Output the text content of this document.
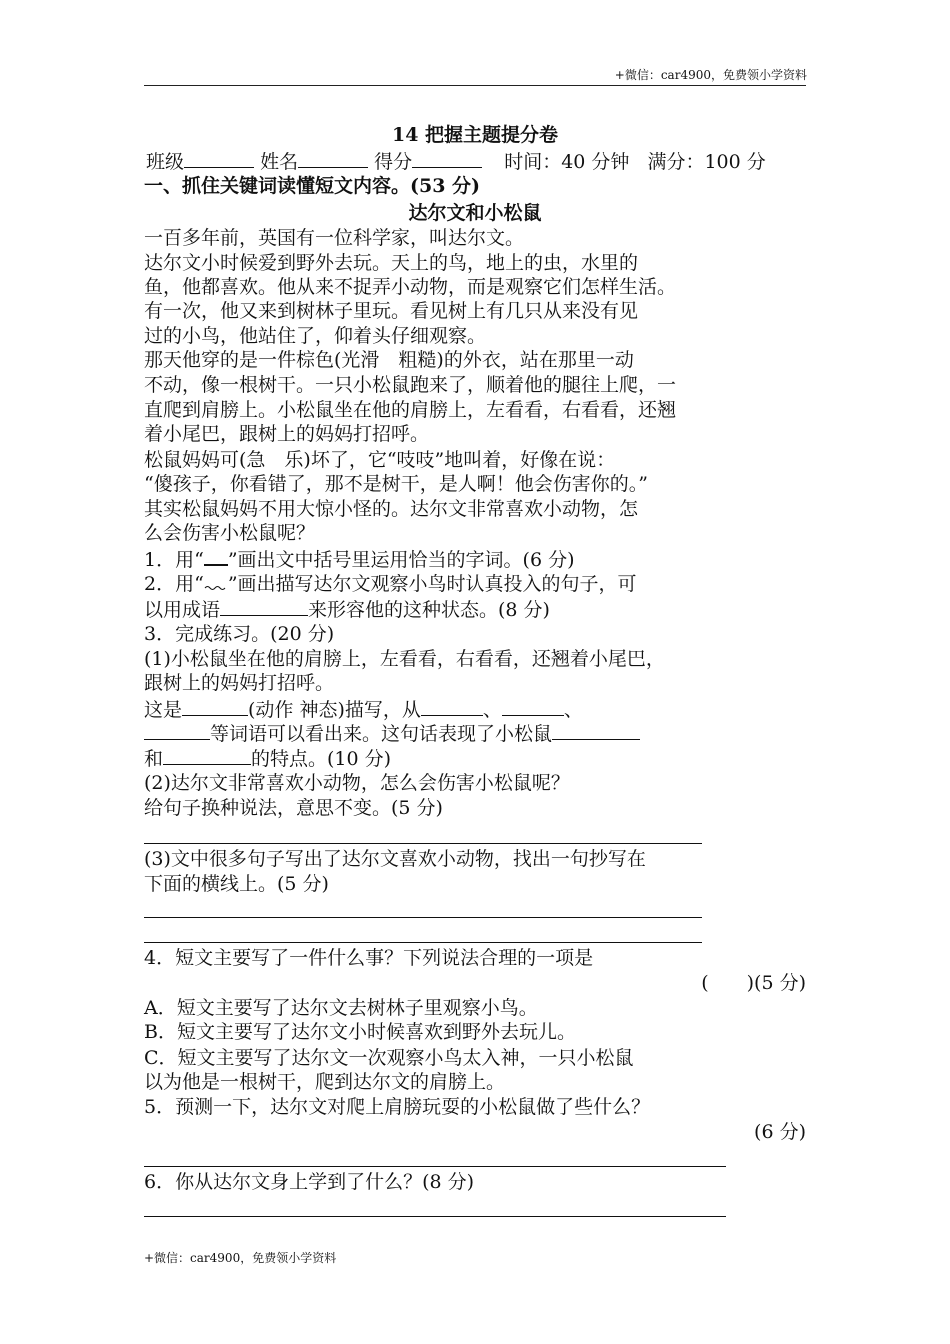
+微信：car4900，免费领小学资料
14 把握主题提分卷
班级	姓名	得分	时间：40 分钟 满分：100 分
一、抓住关键词读懂短文内容。(53 分)
达尔文和小松鼠
一百多年前，英国有一位科学家，叫达尔文。
达尔文小时候爱到野外去玩。天上的鸟，地上的虫，水里的
鱼，他都喜欢。他从来不捉弄小动物，而是观察它们怎样生活。
有一次，他又来到树林子里玩。看见树上有几只从来没有见
过的小鸟，他站住了，仰着头仔细观察。
那天他穿的是一件棕色(光滑　粗糙)的外衣，站在那里一动
不动，像一根树干。一只小松鼠跑来了，顺着他的腿往上爬，一
直爬到肩膀上。小松鼠坐在他的肩膀上，左看看，右看看，还翘
着小尾巴，跟树上的妈妈打招呼。
松鼠妈妈可(急　乐)坏了，它“吱吱”地叫着，好像在说：
“傻孩子，你看错了，那不是树干，是人啊！他会伤害你的。”
其实松鼠妈妈不用大惊小怪的。达尔文非常喜欢小动物，怎
么会伤害小松鼠呢？
1．用“ ”画出文中括号里运用恰当的字词。(6 分)
2．用“ ”画出描写达尔文观察小鸟时认真投入的句子，可
以用成语	来形容他的这种状态。(8 分)
3．完成练习。(20 分)
(1)小松鼠坐在他的肩膀上，左看看，右看看，还翘着小尾巴，
跟树上的妈妈打招呼。
这是	(动作 神态)描写，从	、	、
等词语可以看出来。这句话表现了小松鼠
和	的特点。(10 分)
(2)达尔文非常喜欢小动物，怎么会伤害小松鼠呢？
给句子换种说法，意思不变。(5 分)
(3)文中很多句子写出了达尔文喜欢小动物，找出一句抄写在
下面的横线上。(5 分)
4．短文主要写了一件什么事？下列说法合理的一项是
(　　)(5 分)
A．短文主要写了达尔文去树林子里观察小鸟。
B．短文主要写了达尔文小时候喜欢到野外去玩儿。
C．短文主要写了达尔文一次观察小鸟太入神，一只小松鼠
以为他是一根树干，爬到达尔文的肩膀上。
5．预测一下，达尔文对爬上肩膀玩耍的小松鼠做了些什么？
(6 分)
6．你从达尔文身上学到了什么？(8 分)
+微信：car4900，免费领小学资料
